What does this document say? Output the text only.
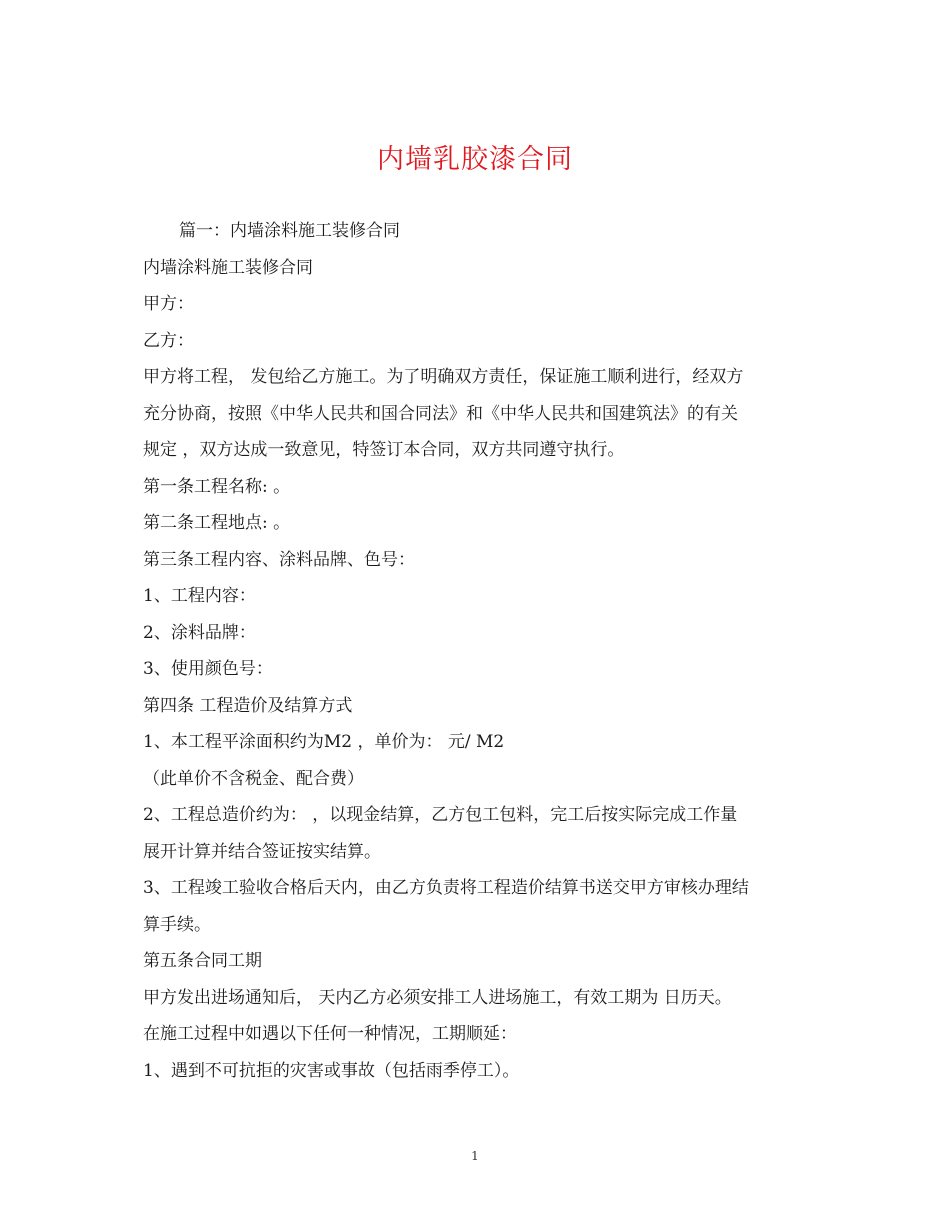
内墙乳胶漆合同

篇一：内墙涂料施工装修合同

内墙涂料施工装修合同

甲方：

乙方：

甲方将工程， 发包给乙方施工。为了明确双方责任，保证施工顺利进行，经双方

充分协商，按照《中华人民共和国合同法》和《中华人民共和国建筑法》的有关

规定 ，双方达成一致意见，特签订本合同，双方共同遵守执行。

第一条工程名称: 。

第二条工程地点: 。

第三条工程内容、涂料品牌、色号：

1、工程内容：

2、涂料品牌：

3、使用颜色号：

第四条 工程造价及结算方式

1、本工程平涂面积约为M2 ，单价为： 元/ M2

（此单价不含税金、配合费）

2、工程总造价约为： ，以现金结算，乙方包工包料，完工后按实际完成工作量

展开计算并结合签证按实结算。

3、工程竣工验收合格后天内，由乙方负责将工程造价结算书送交甲方审核办理结

算手续。

第五条合同工期

甲方发出进场通知后， 天内乙方必须安排工人进场施工，有效工期为 日历天。

在施工过程中如遇以下任何一种情况，工期顺延：

1、遇到不可抗拒的灾害或事故（包括雨季停工）。

1
